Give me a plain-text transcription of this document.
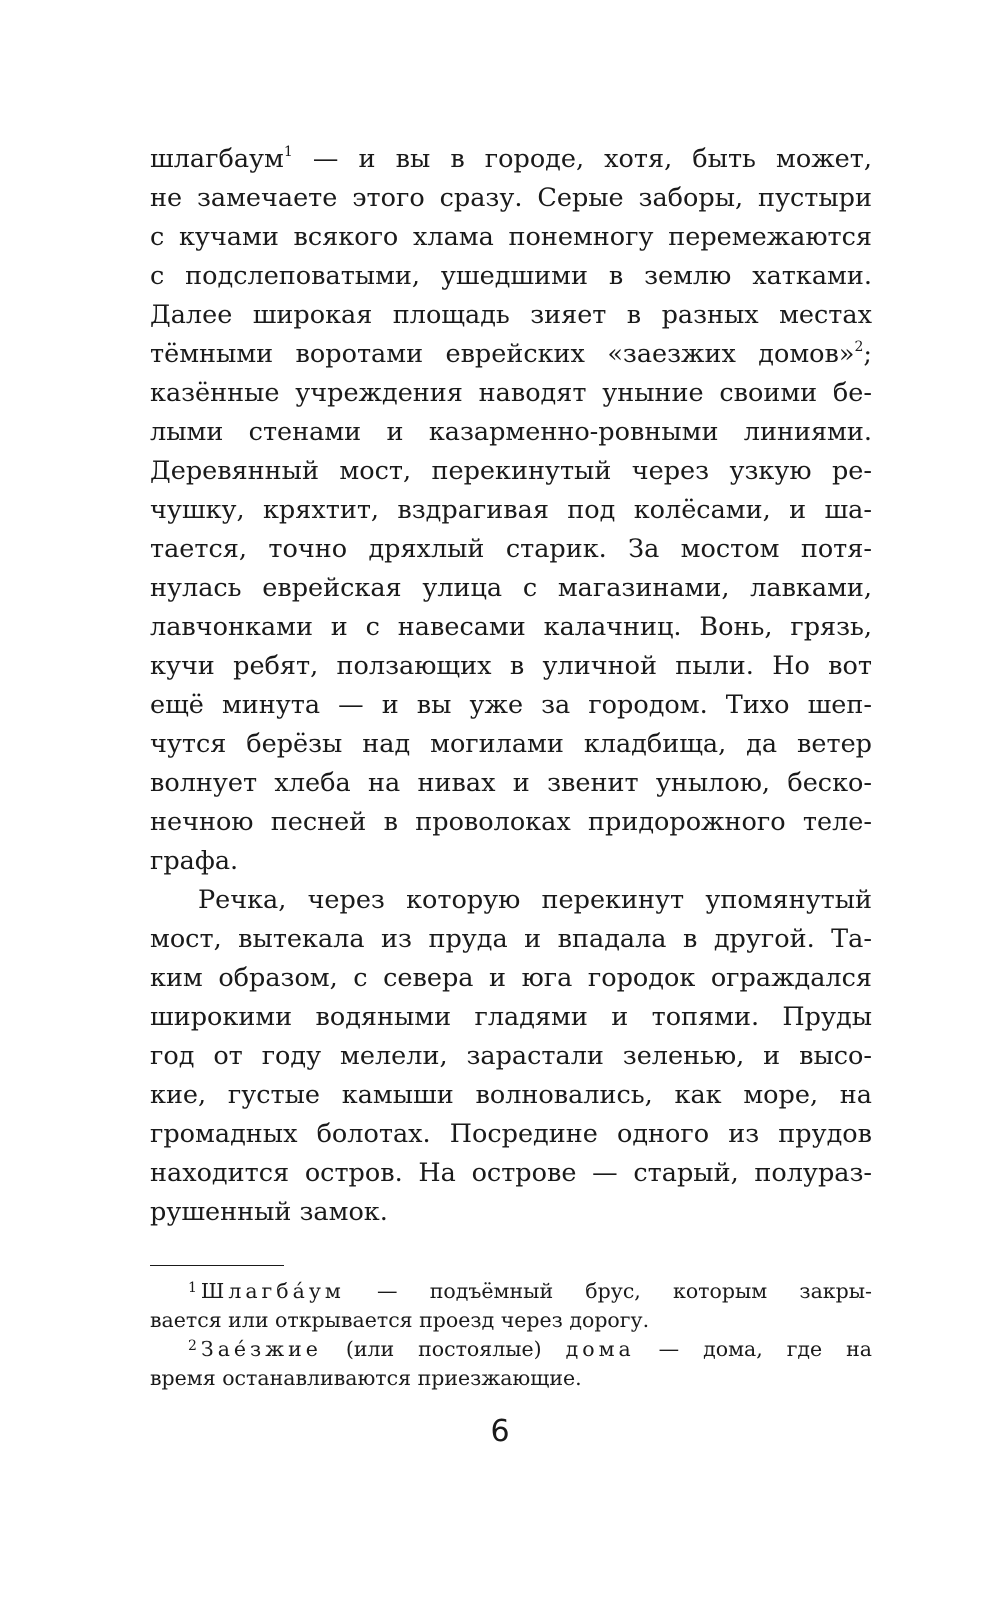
шлагбаум$^1$ — и вы в городе, хотя, быть может,
не замечаете этого сразу. Серые заборы, пустыри
с кучами всякого хлама понемногу перемежаются
с подслеповатыми, ушедшими в землю хатками.
Далее широкая площадь зияет в разных местах
тёмными воротами еврейских «заезжих домов»$^2$;
казённые учреждения наводят уныние своими бе-
лыми стенами и казарменно-ровными линиями.
Деревянный мост, перекинутый через узкую ре-
чушку, кряхтит, вздрагивая под колёсами, и ша-
тается, точно дряхлый старик. За мостом потя-
нулась еврейская улица с магазинами, лавками,
лавчонками и с навесами калачниц. Вонь, грязь,
кучи ребят, ползающих в уличной пыли. Но вот
ещё минута — и вы уже за городом. Тихо шеп-
чутся берёзы над могилами кладбища, да ветер
волнует хлеба на нивах и звенит унылою, беско-
нечною песней в проволоках придорожного теле-
графа.
Речка, через которую перекинут упомянутый
мост, вытекала из пруда и впадала в другой. Та-
ким образом, с севера и юга городок ограждался
широкими водяными гладями и топями. Пруды
год от году мелели, зарастали зеленью, и высо-
кие, густые камыши волновались, как море, на
громадных болотах. Посредине одного из прудов
находится остров. На острове — старый, полураз-
рушенный замок.
$^1$ Шлагба́ум — подъёмный брус, которым закры-
вается или открывается проезд через дорогу.
$^2$ Зае́зжие (или постоялые) дома — дома, где на
время останавливаются приезжающие.
6
